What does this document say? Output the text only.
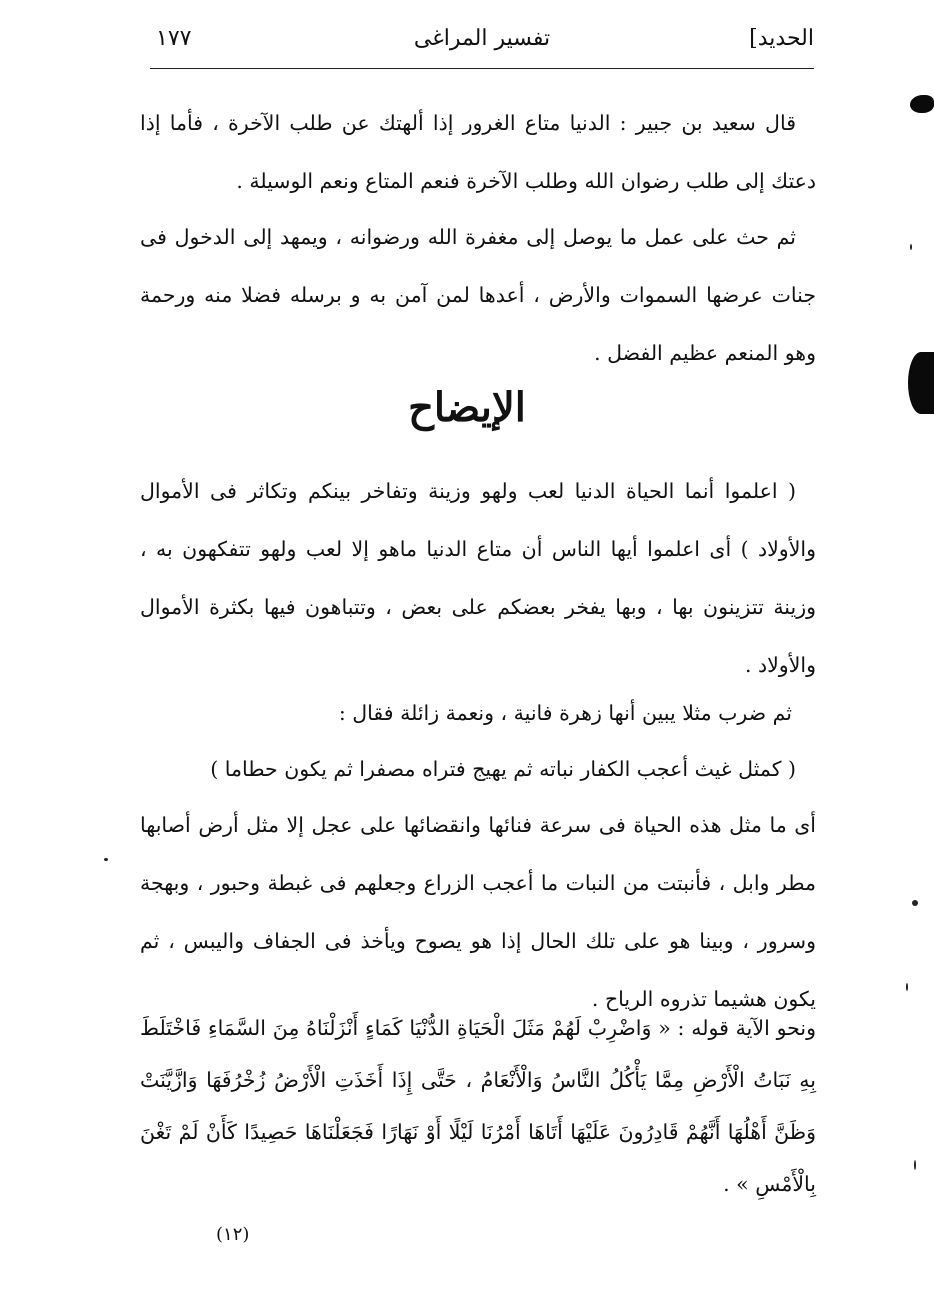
الحديد]
تفسير المراغى
١٧٧

قال سعيد بن جبير : الدنيا متاع الغرور إذا ألهتك عن طلب الآخرة ، فأما إذا دعتك إلى طلب رضوان الله وطلب الآخرة فنعم المتاع ونعم الوسيلة .

ثم حث على عمل ما يوصل إلى مغفرة الله ورضوانه ، ويمهد إلى الدخول فى جنات عرضها السموات والأرض ، أعدها لمن آمن به و برسله فضلا منه ورحمة وهو المنعم عظيم الفضل .

الإيضاح

( اعلموا أنما الحياة الدنيا لعب ولهو وزينة وتفاخر بينكم وتكاثر فى الأموال والأولاد ) أى اعلموا أيها الناس أن متاع الدنيا ماهو إلا لعب ولهو تتفكهون به ، وزينة تتزينون بها ، وبها يفخر بعضكم على بعض ، وتتباهون فيها بكثرة الأموال والأولاد .

ثم ضرب مثلا يبين أنها زهرة فانية ، ونعمة زائلة فقال :

( كمثل غيث أعجب الكفار نباته ثم يهيج فتراه مصفرا ثم يكون حطاما )

أى ما مثل هذه الحياة فى سرعة فنائها وانقضائها على عجل إلا مثل أرض أصابها مطر وابل ، فأنبتت من النبات ما أعجب الزراع وجعلهم فى غبطة وحبور ، وبهجة وسرور ، وبينا هو على تلك الحال إذا هو يصوح ويأخذ فى الجفاف واليبس ، ثم يكون هشيما تذروه الرياح .

ونحو الآية قوله : « وَاضْرِبْ لَهُمْ مَثَلَ الْحَيَاةِ الدُّنْيَا كَمَاءٍ أَنْزَلْنَاهُ مِنَ السَّمَاءِ فَاخْتَلَطَ بِهِ نَبَاتُ الْأَرْضِ مِمَّا يَأْكُلُ النَّاسُ وَالْأَنْعَامُ ، حَتَّى إِذَا أَخَذَتِ الْأَرْضُ زُخْرُفَهَا وَازَّيَّنَتْ وَظَنَّ أَهْلُهَا أَنَّهُمْ قَادِرُونَ عَلَيْهَا أَتَاهَا أَمْرُنَا لَيْلًا أَوْ نَهَارًا فَجَعَلْنَاهَا حَصِيدًا كَأَنْ لَمْ تَغْنَ بِالْأَمْسِ » .

(١٢)
